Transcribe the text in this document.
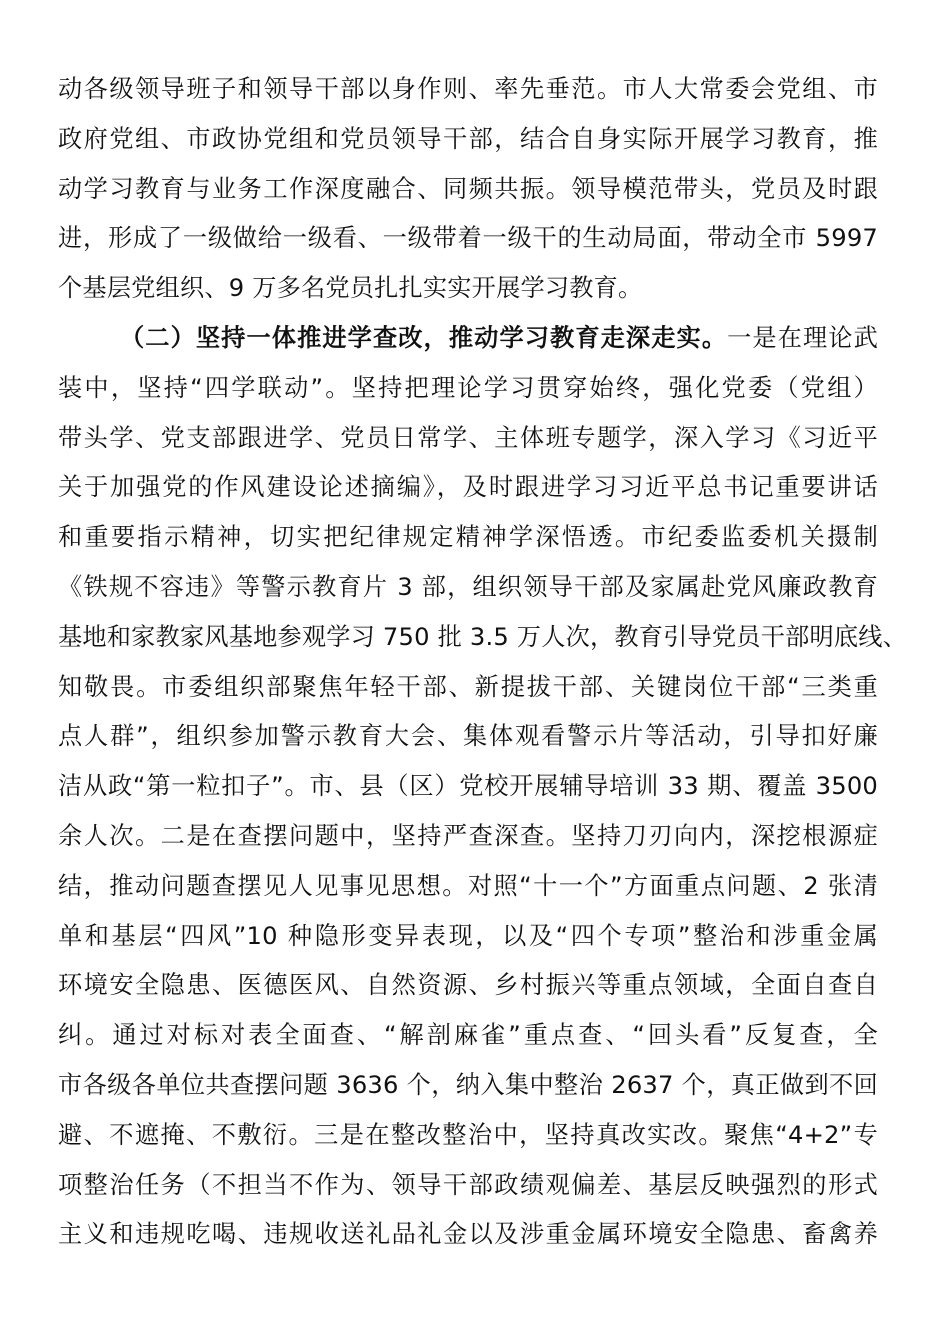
动各级领导班子和领导干部以身作则、率先垂范。市人大常委会党组、市
政府党组、市政协党组和党员领导干部，结合自身实际开展学习教育，推
动学习教育与业务工作深度融合、同频共振。领导模范带头，党员及时跟
进，形成了一级做给一级看、一级带着一级干的生动局面，带动全市 5997
个基层党组织、9 万多名党员扎扎实实开展学习教育。
（二）坚持一体推进学查改，推动学习教育走深走实。一是在理论武
装中，坚持“四学联动”。坚持把理论学习贯穿始终，强化党委（党组）
带头学、党支部跟进学、党员日常学、主体班专题学，深入学习《习近平
关于加强党的作风建设论述摘编》，及时跟进学习习近平总书记重要讲话
和重要指示精神，切实把纪律规定精神学深悟透。市纪委监委机关摄制
《铁规不容违》等警示教育片 3 部，组织领导干部及家属赴党风廉政教育
基地和家教家风基地参观学习 750 批 3.5 万人次，教育引导党员干部明底线、
知敬畏。市委组织部聚焦年轻干部、新提拔干部、关键岗位干部“三类重
点人群”，组织参加警示教育大会、集体观看警示片等活动，引导扣好廉
洁从政“第一粒扣子”。市、县（区）党校开展辅导培训 33 期、覆盖 3500
余人次。二是在查摆问题中，坚持严查深查。坚持刀刃向内，深挖根源症
结，推动问题查摆见人见事见思想。对照“十一个”方面重点问题、2 张清
单和基层“四风”10 种隐形变异表现，以及“四个专项”整治和涉重金属
环境安全隐患、医德医风、自然资源、乡村振兴等重点领域，全面自查自
纠。通过对标对表全面查、“解剖麻雀”重点查、“回头看”反复查，全
市各级各单位共查摆问题 3636 个，纳入集中整治 2637 个，真正做到不回
避、不遮掩、不敷衍。三是在整改整治中，坚持真改实改。聚焦“4+2”专
项整治任务（不担当不作为、领导干部政绩观偏差、基层反映强烈的形式
主义和违规吃喝、违规收送礼品礼金以及涉重金属环境安全隐患、畜禽养
